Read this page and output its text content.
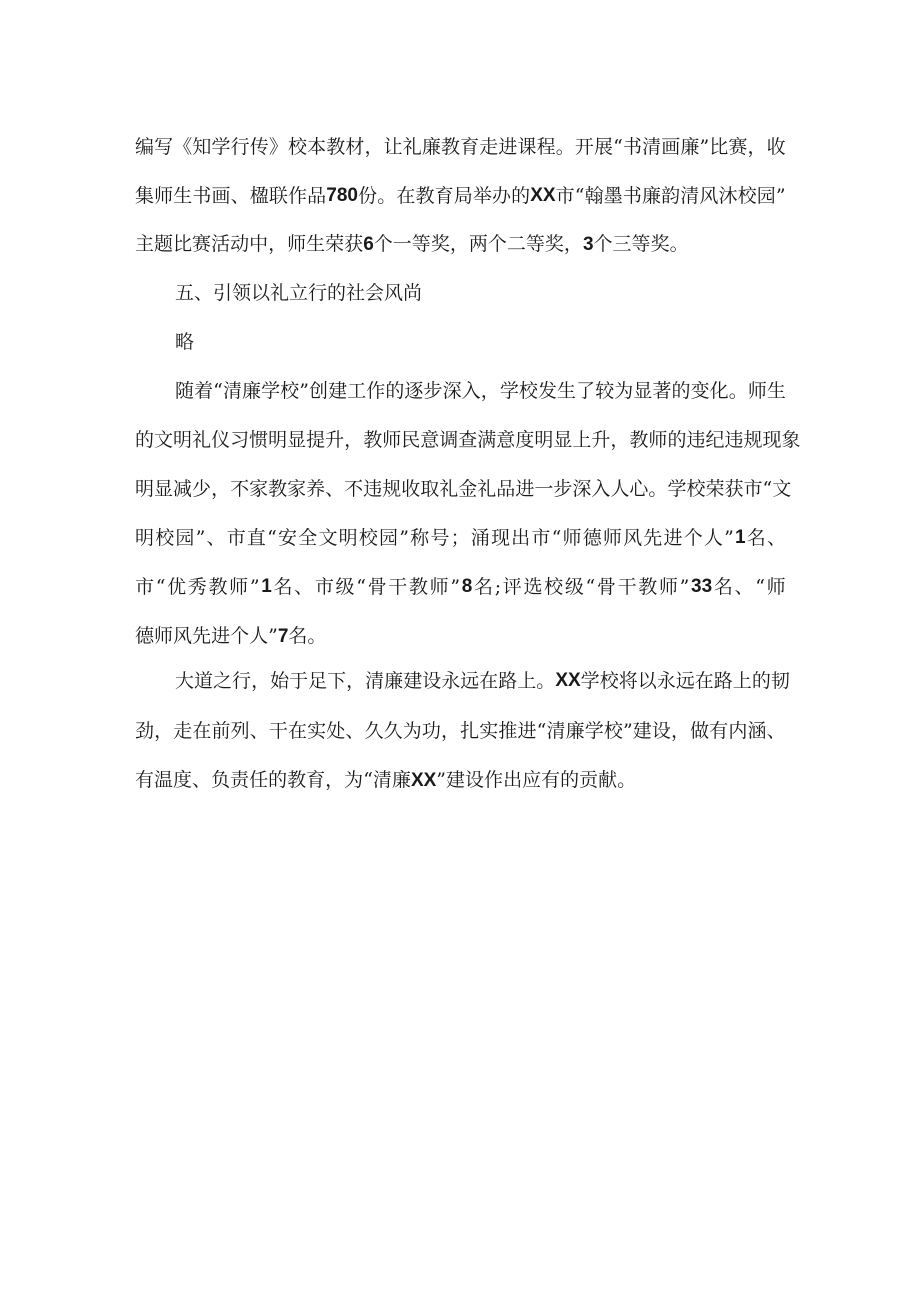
编 写 《 知 学 行 传 》 校 本 教 材 ， 让 礼 廉 教 育 走 进 课 程 。 开 展 “ 书 清 画 廉 ” 比 赛 ， 收
集 师 生 书 画 、 楹 联 作 品 780 份 。 在 教 育 局 举 办 的 XX 市 “ 翰 墨 书 廉 韵 清 风 沐 校 园 ”
主题比赛活动中，师生荣获6个一等奖，两个二等奖，3个三等奖。
五、引领以礼立行的社会风尚
略
随 着 “ 清 廉 学 校 ” 创 建 工 作 的 逐 步 深 入 ， 学 校 发 生 了 较 为 显 著 的 变 化 。 师 生
的 文 明 礼 仪 习 惯 明 显 提 升 ， 教 师 民 意 调 查 满 意 度 明 显 上 升 ， 教 师 的 违 纪 违 规 现 象
明 显 减 少 ， 不 家 教 家 养 、 不 违 规 收 取 礼 金 礼 品 进 一 步 深 入 人 心 。 学 校 荣 获 市 “ 文
明 校 园 ” 、 市 直 “ 安 全 文 明 校 园 ” 称 号 ； 涌 现 出 市 “ 师 德 师 风 先 进 个 人 ” 1 名 、
市 “ 优 秀 教 师 ” 1 名 、 市 级 “ 骨 干 教 师 ” 8 名 ; 评 选 校 级 “ 骨 干 教 师 ” 33 名 、 “ 师
德师风先进个人”7名。
大 道 之 行 ， 始 于 足 下 ， 清 廉 建 设 永 远 在 路 上 。 XX 学 校 将 以 永 远 在 路 上 的 韧
劲 ， 走 在 前 列 、 干 在 实 处 、 久 久 为 功 ， 扎 实 推 进 “ 清 廉 学 校 ” 建 设 ， 做 有 内 涵 、
有温度、负责任的教育，为“清廉XX”建设作出应有的贡献。
